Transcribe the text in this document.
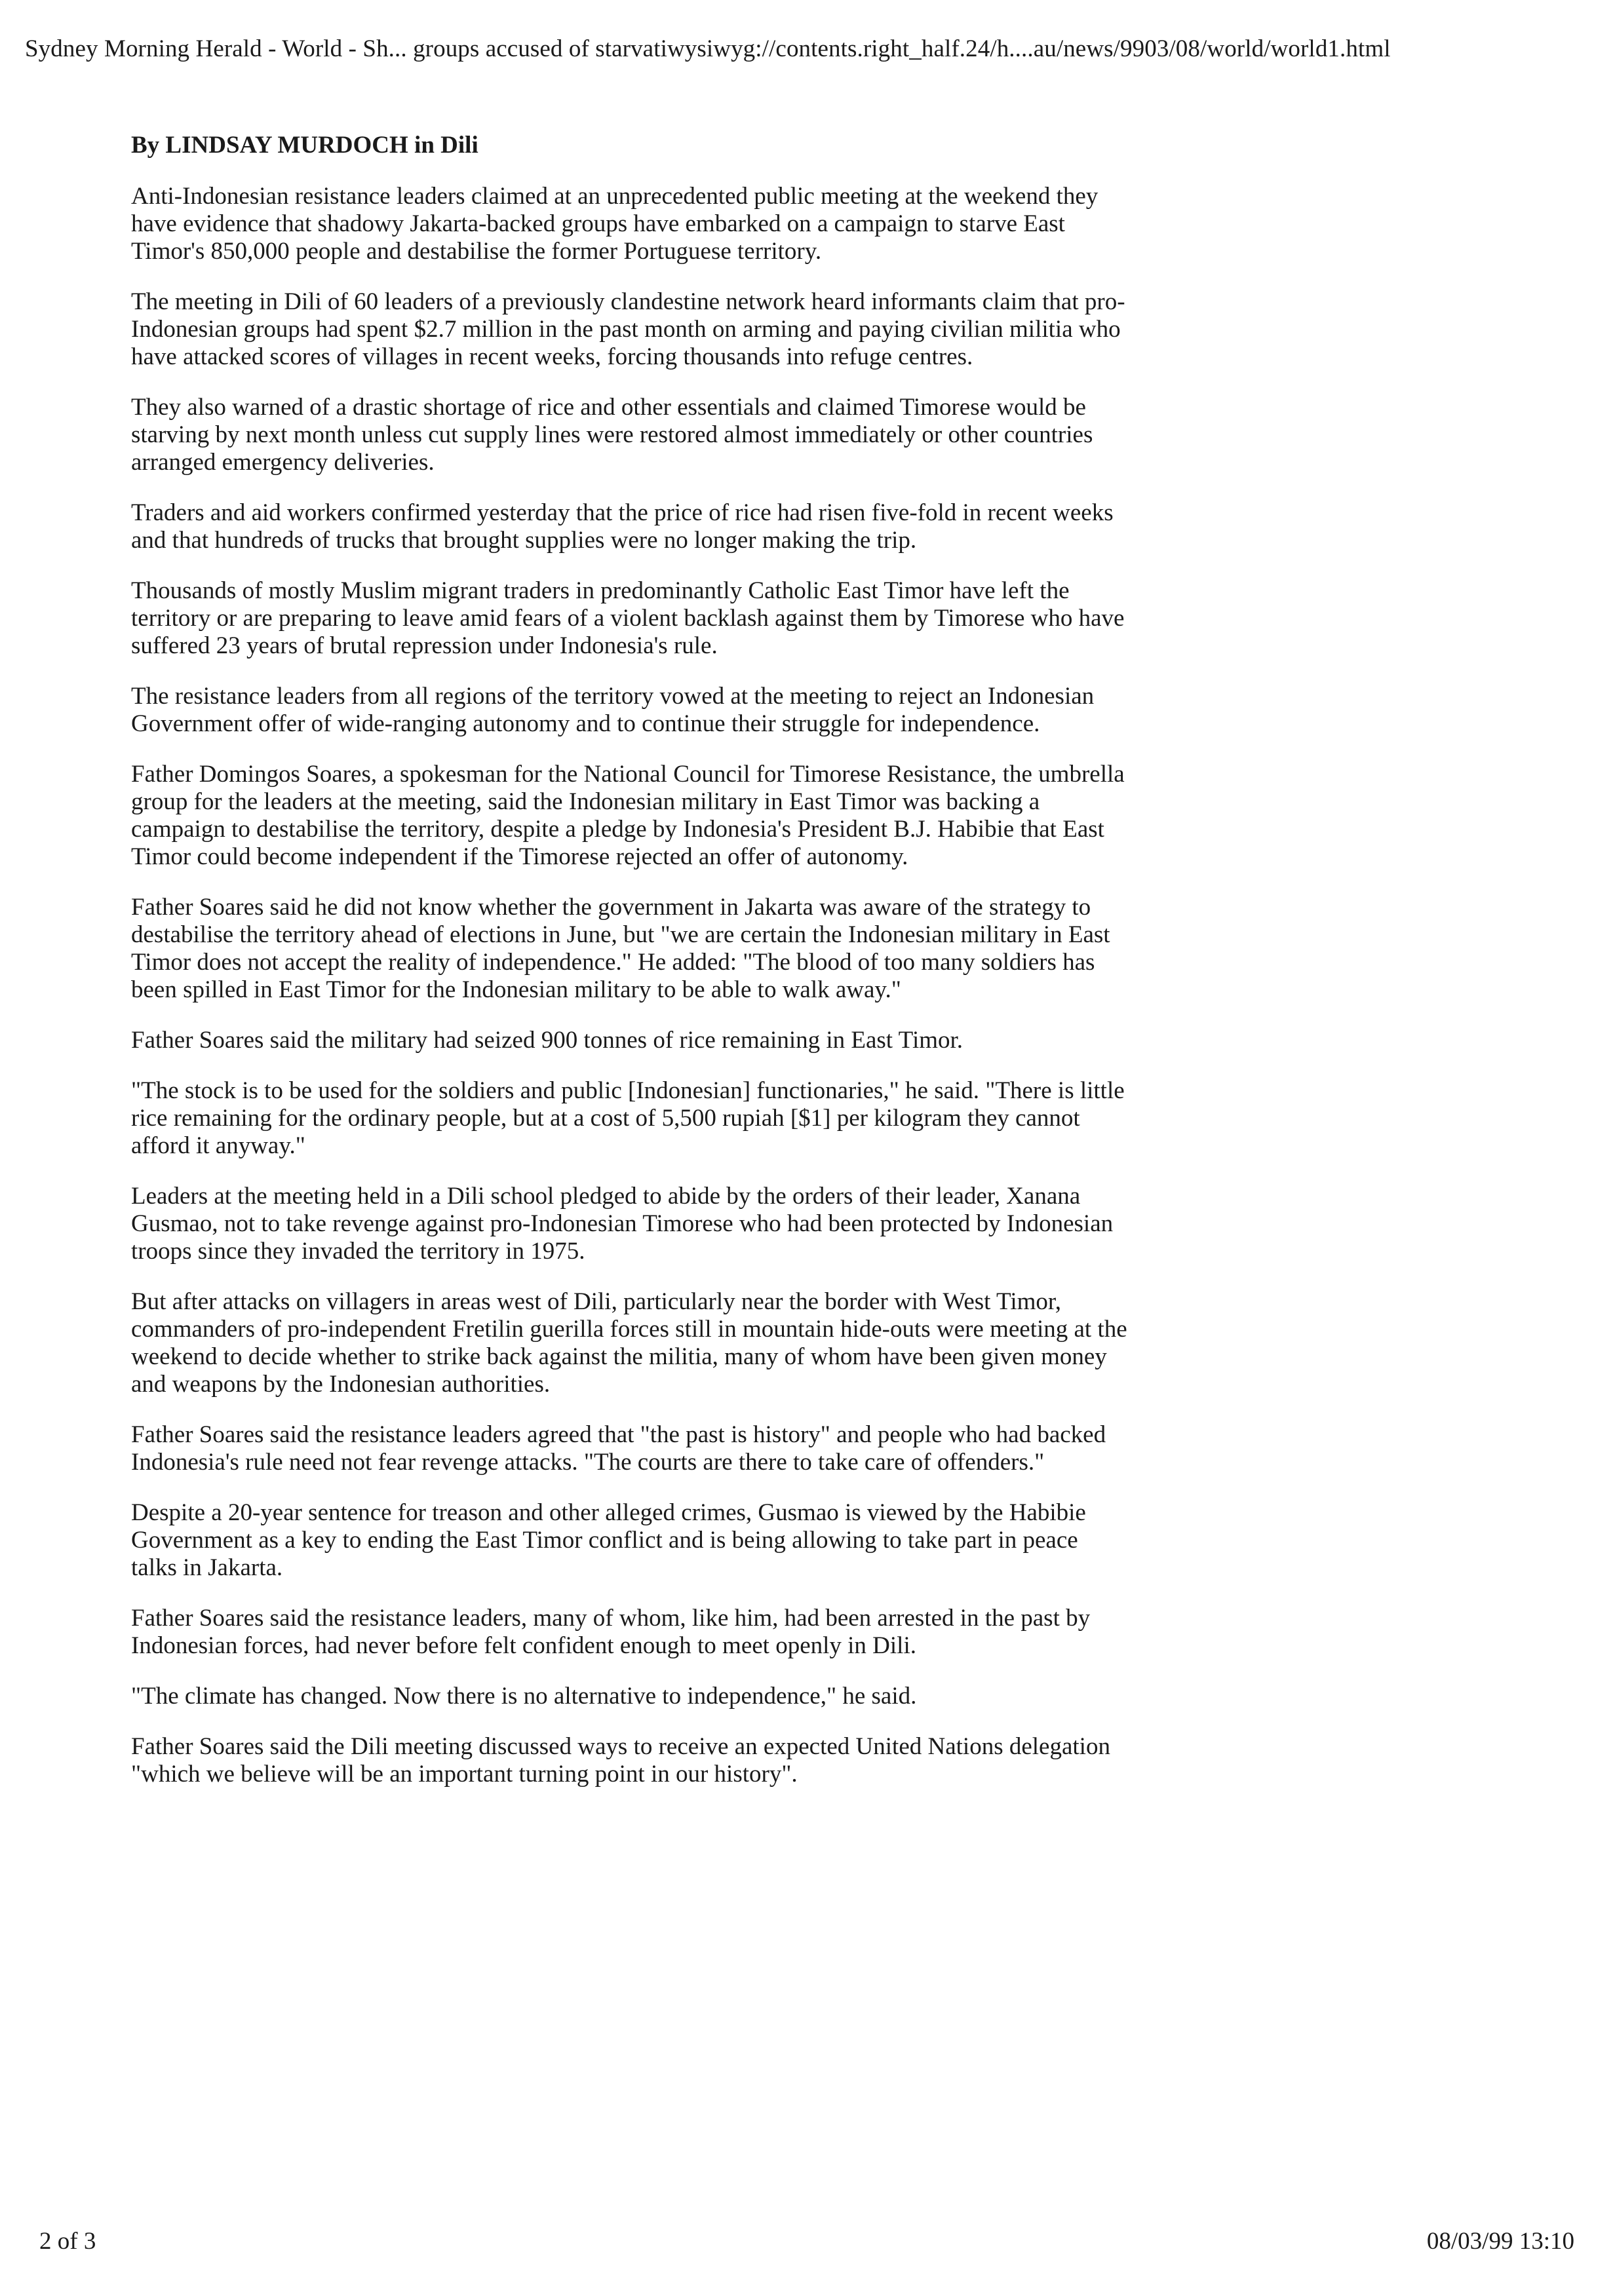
Sydney Morning Herald - World - Sh... groups accused of starvatiwysiwyg://contents.right_half.24/h....au/news/9903/08/world/world1.html
By LINDSAY MURDOCH in Dili

Anti-Indonesian resistance leaders claimed at an unprecedented public meeting at the weekend they have evidence that shadowy Jakarta-backed groups have embarked on a campaign to starve East Timor's 850,000 people and destabilise the former Portuguese territory.

The meeting in Dili of 60 leaders of a previously clandestine network heard informants claim that pro-Indonesian groups had spent $2.7 million in the past month on arming and paying civilian militia who have attacked scores of villages in recent weeks, forcing thousands into refuge centres.

They also warned of a drastic shortage of rice and other essentials and claimed Timorese would be starving by next month unless cut supply lines were restored almost immediately or other countries arranged emergency deliveries.

Traders and aid workers confirmed yesterday that the price of rice had risen five-fold in recent weeks and that hundreds of trucks that brought supplies were no longer making the trip.

Thousands of mostly Muslim migrant traders in predominantly Catholic East Timor have left the territory or are preparing to leave amid fears of a violent backlash against them by Timorese who have suffered 23 years of brutal repression under Indonesia's rule.

The resistance leaders from all regions of the territory vowed at the meeting to reject an Indonesian Government offer of wide-ranging autonomy and to continue their struggle for independence.

Father Domingos Soares, a spokesman for the National Council for Timorese Resistance, the umbrella group for the leaders at the meeting, said the Indonesian military in East Timor was backing a campaign to destabilise the territory, despite a pledge by Indonesia's President B.J. Habibie that East Timor could become independent if the Timorese rejected an offer of autonomy.

Father Soares said he did not know whether the government in Jakarta was aware of the strategy to destabilise the territory ahead of elections in June, but "we are certain the Indonesian military in East Timor does not accept the reality of independence." He added: "The blood of too many soldiers has been spilled in East Timor for the Indonesian military to be able to walk away."

Father Soares said the military had seized 900 tonnes of rice remaining in East Timor.

"The stock is to be used for the soldiers and public [Indonesian] functionaries," he said. "There is little rice remaining for the ordinary people, but at a cost of 5,500 rupiah [$1] per kilogram they cannot afford it anyway."

Leaders at the meeting held in a Dili school pledged to abide by the orders of their leader, Xanana Gusmao, not to take revenge against pro-Indonesian Timorese who had been protected by Indonesian troops since they invaded the territory in 1975.

But after attacks on villagers in areas west of Dili, particularly near the border with West Timor, commanders of pro-independent Fretilin guerilla forces still in mountain hide-outs were meeting at the weekend to decide whether to strike back against the militia, many of whom have been given money and weapons by the Indonesian authorities.

Father Soares said the resistance leaders agreed that "the past is history" and people who had backed Indonesia's rule need not fear revenge attacks. "The courts are there to take care of offenders."

Despite a 20-year sentence for treason and other alleged crimes, Gusmao is viewed by the Habibie Government as a key to ending the East Timor conflict and is being allowing to take part in peace talks in Jakarta.

Father Soares said the resistance leaders, many of whom, like him, had been arrested in the past by Indonesian forces, had never before felt confident enough to meet openly in Dili.

"The climate has changed. Now there is no alternative to independence," he said.

Father Soares said the Dili meeting discussed ways to receive an expected United Nations delegation "which we believe will be an important turning point in our history".

2 of 3	08/03/99 13:10
